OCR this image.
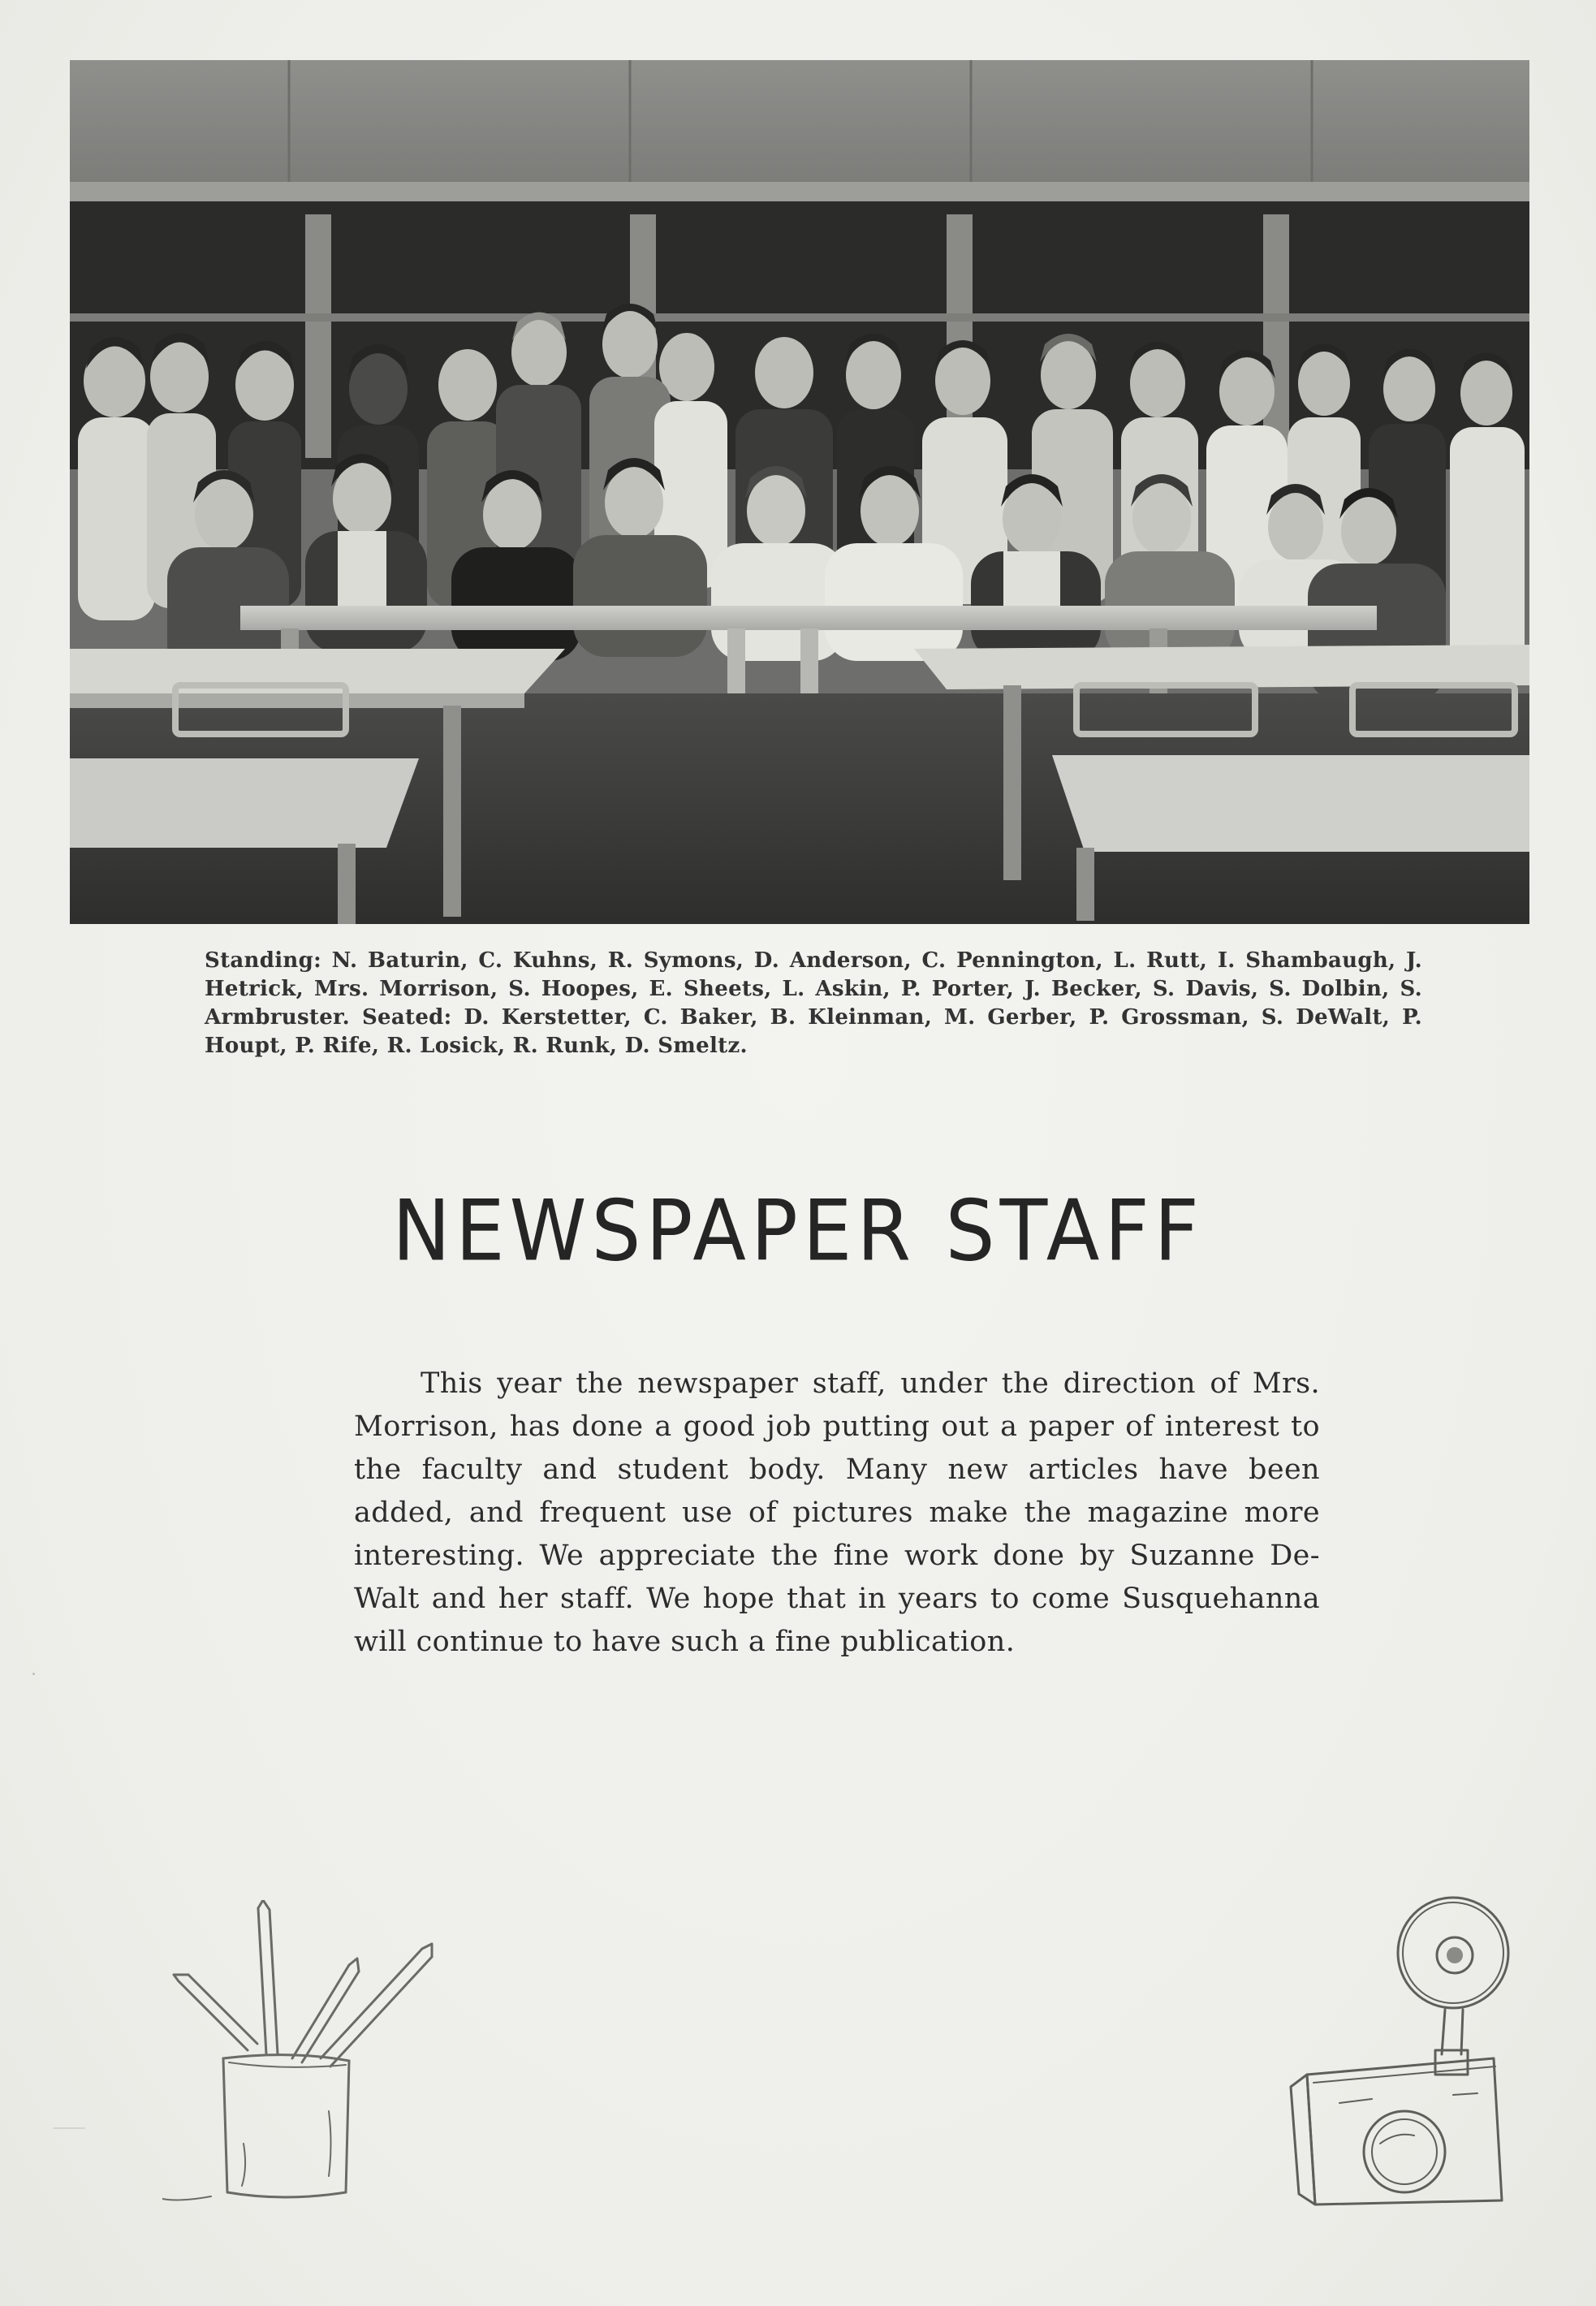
Standing: N. Baturin, C. Kuhns, R. Symons, D. Anderson, C. Pennington, L. Rutt, I. Shambaugh, J. Hetrick, Mrs. Morrison, S. Hoopes, E. Sheets, L. Askin, P. Porter, J. Becker, S. Davis, S. Dolbin, S. Armbruster. Seated: D. Kerstetter, C. Baker, B. Kleinman, M. Gerber, P. Grossman, S. DeWalt, P. Houpt, P. Rife, R. Losick, R. Runk, D. Smeltz.
NEWSPAPER STAFF
This year the newspaper staff, under the direction of Mrs. Morrison, has done a good job putting out a paper of interest to the faculty and student body. Many new articles have been added, and frequent use of pictures make the magazine more interesting. We appreciate the fine work done by Suzanne De-Walt and her staff. We hope that in years to come Susquehanna will continue to have such a fine publication.
